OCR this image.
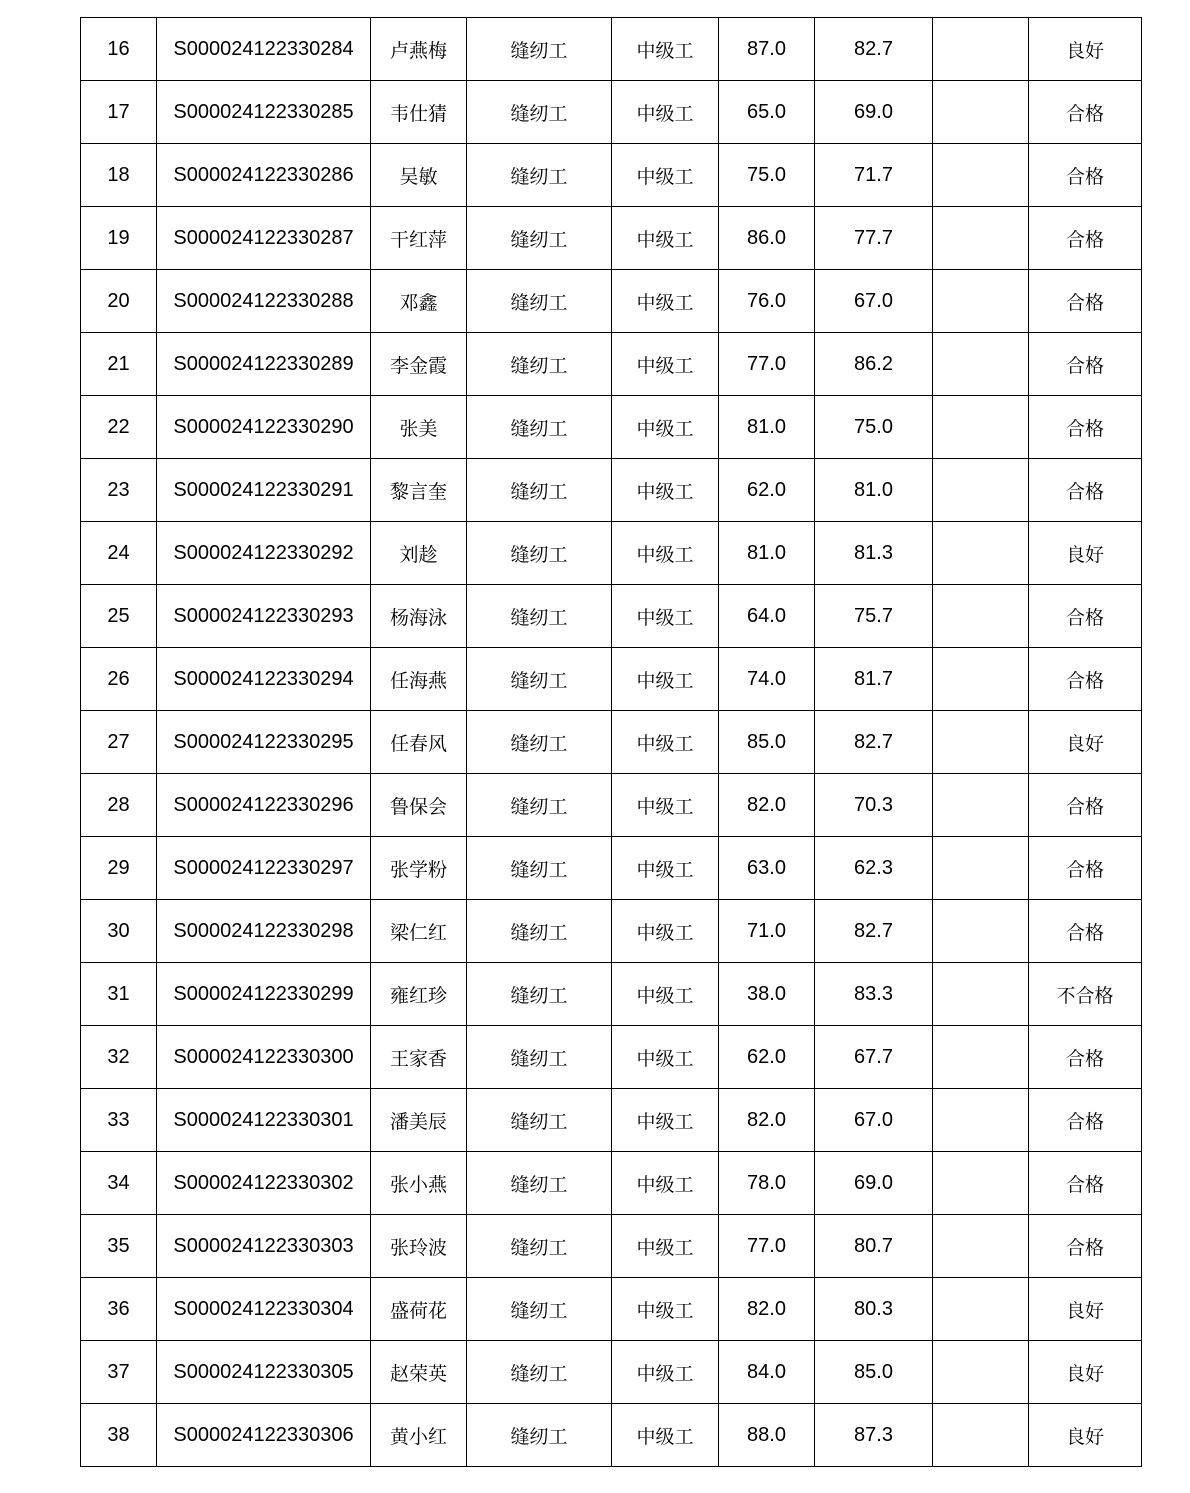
16	S000024122330284	卢燕梅	缝纫工	中级工	87.0	82.7		良好
17	S000024122330285	韦仕猜	缝纫工	中级工	65.0	69.0		合格
18	S000024122330286	吴敏	缝纫工	中级工	75.0	71.7		合格
19	S000024122330287	干红萍	缝纫工	中级工	86.0	77.7		合格
20	S000024122330288	邓鑫	缝纫工	中级工	76.0	67.0		合格
21	S000024122330289	李金霞	缝纫工	中级工	77.0	86.2		合格
22	S000024122330290	张美	缝纫工	中级工	81.0	75.0		合格
23	S000024122330291	黎言奎	缝纫工	中级工	62.0	81.0		合格
24	S000024122330292	刘趁	缝纫工	中级工	81.0	81.3		良好
25	S000024122330293	杨海泳	缝纫工	中级工	64.0	75.7		合格
26	S000024122330294	任海燕	缝纫工	中级工	74.0	81.7		合格
27	S000024122330295	任春风	缝纫工	中级工	85.0	82.7		良好
28	S000024122330296	鲁保会	缝纫工	中级工	82.0	70.3		合格
29	S000024122330297	张学粉	缝纫工	中级工	63.0	62.3		合格
30	S000024122330298	梁仁红	缝纫工	中级工	71.0	82.7		合格
31	S000024122330299	雍红珍	缝纫工	中级工	38.0	83.3		不合格
32	S000024122330300	王家香	缝纫工	中级工	62.0	67.7		合格
33	S000024122330301	潘美辰	缝纫工	中级工	82.0	67.0		合格
34	S000024122330302	张小燕	缝纫工	中级工	78.0	69.0		合格
35	S000024122330303	张玲波	缝纫工	中级工	77.0	80.7		合格
36	S000024122330304	盛荷花	缝纫工	中级工	82.0	80.3		良好
37	S000024122330305	赵荣英	缝纫工	中级工	84.0	85.0		良好
38	S000024122330306	黄小红	缝纫工	中级工	88.0	87.3		良好
